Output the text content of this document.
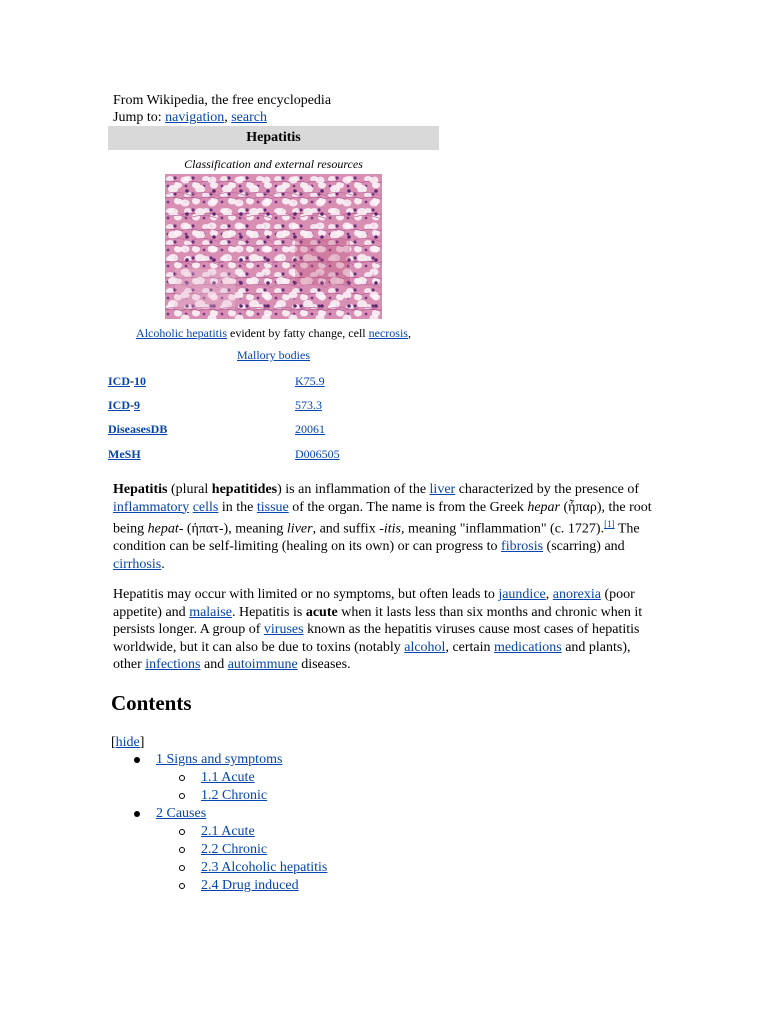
From Wikipedia, the free encyclopedia
Jump to: navigation, search
Hepatitis
Classification and external resources
Alcoholic hepatitis evident by fatty change, cell necrosis,
Mallory bodies
ICD-10	K75.9
ICD-9	573.3
DiseasesDB	20061
MeSH	D006505
Hepatitis (plural hepatitides) is an inflammation of the liver characterized by the presence of inflammatory cells in the tissue of the organ. The name is from the Greek hepar (ἧπαρ), the root being hepat- (ἡπατ-), meaning liver, and suffix -itis, meaning "inflammation" (c. 1727).[1] The condition can be self-limiting (healing on its own) or can progress to fibrosis (scarring) and cirrhosis.
Hepatitis may occur with limited or no symptoms, but often leads to jaundice, anorexia (poor appetite) and malaise. Hepatitis is acute when it lasts less than six months and chronic when it persists longer. A group of viruses known as the hepatitis viruses cause most cases of hepatitis worldwide, but it can also be due to toxins (notably alcohol, certain medications and plants), other infections and autoimmune diseases.
Contents
[hide]
1 Signs and symptoms
1.1 Acute
1.2 Chronic
2 Causes
2.1 Acute
2.2 Chronic
2.3 Alcoholic hepatitis
2.4 Drug induced
